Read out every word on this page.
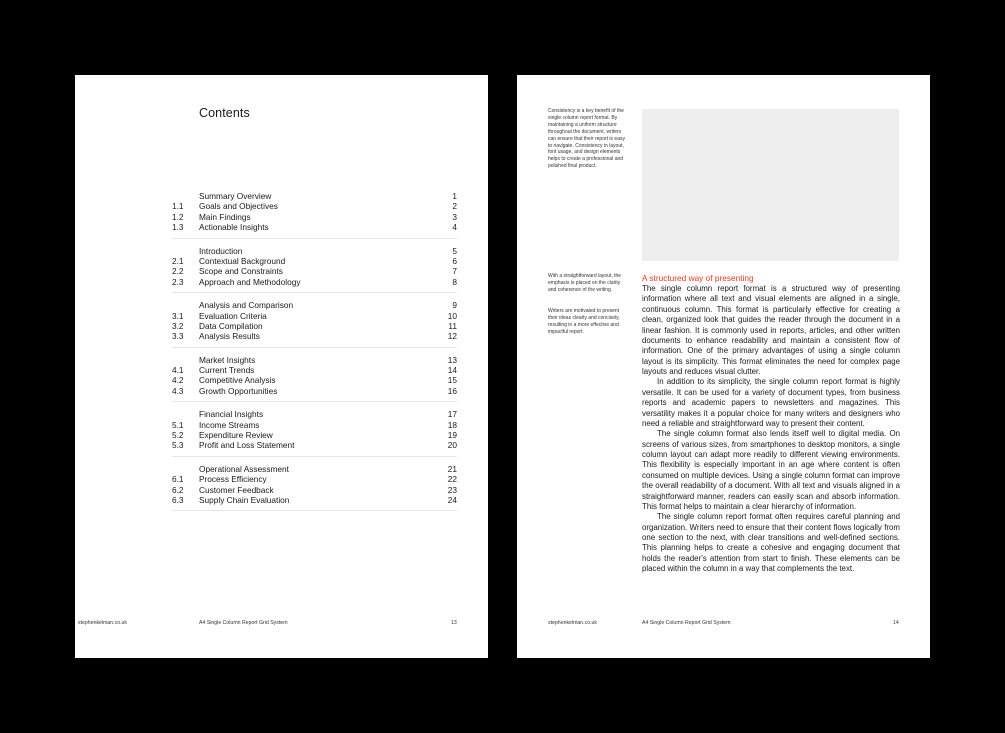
Contents
Summary Overview	1
1.1	Goals and Objectives	2
1.2	Main Findings	3
1.3	Actionable Insights	4
Introduction	5
2.1	Contextual Background	6
2.2	Scope and Constraints	7
2.3	Approach and Methodology	8
Analysis and Comparison	9
3.1	Evaluation Criteria	10
3.2	Data Compilation	11
3.3	Analysis Results	12
Market Insights	13
4.1	Current Trends	14
4.2	Competitive Analysis	15
4.3	Growth Opportunities	16
Financial Insights	17
5.1	Income Streams	18
5.2	Expenditure Review	19
5.3	Profit and Loss Statement	20
Operational Assessment	21
6.1	Process Efficiency	22
6.2	Customer Feedback	23
6.3	Supply Chain Evaluation	24
stephenkelman.co.uk	A4 Single Column Report Grid System	13
Consistency is a key benefit of the single column report format. By maintaining a uniform structure throughout the document, writers can ensure that their report is easy to navigate. Consistency in layout, font usage, and design elements helps to create a professional and polished final product.
With a straightforward layout, the emphasis is placed on the clarity and coherence of the writing.
Writers are motivated to present their ideas clearly and concisely, resulting in a more effective and impactful report.
A structured way of presenting

The single column report format is a structured way of presenting information where all text and visual elements are aligned in a single, continuous column. This format is particularly effective for creating a clean, organized look that guides the reader through the document in a linear fashion. It is commonly used in reports, articles, and other written documents to enhance readability and maintain a consistent flow of information. One of the primary advantages of using a single column layout is its simplicity. This format eliminates the need for complex page layouts and reduces visual clutter.

In addition to its simplicity, the single column report format is highly versatile. It can be used for a variety of document types, from business reports and academic papers to newsletters and magazines. This versatility makes it a popular choice for many writers and designers who need a reliable and straightforward way to present their content.

The single column format also lends itself well to digital media. On screens of various sizes, from smartphones to desktop monitors, a single column layout can adapt more readily to different viewing environments. This flexibility is especially important in an age where content is often consumed on multiple devices. Using a single column format can improve the overall readability of a document. With all text and visuals aligned in a straightforward manner, readers can easily scan and absorb information. This format helps to maintain a clear hierarchy of information.

The single column report format often requires careful planning and organization. Writers need to ensure that their content flows logically from one section to the next, with clear transitions and well-defined sections. This planning helps to create a cohesive and engaging document that holds the reader's attention from start to finish. These elements can be placed within the column in a way that complements the text.

stephenkelman.co.uk	A4 Single Column Report Grid System	14
